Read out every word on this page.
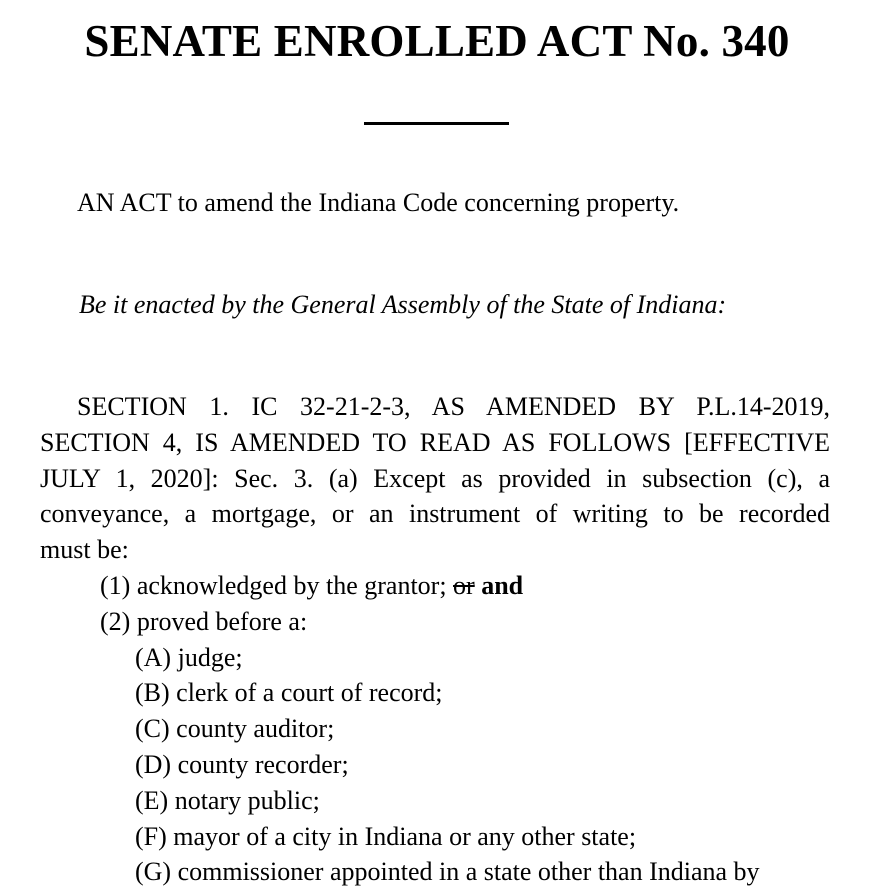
SENATE ENROLLED ACT No. 340
AN ACT to amend the Indiana Code concerning property.
Be it enacted by the General Assembly of the State of Indiana:
SECTION 1. IC 32-21-2-3, AS AMENDED BY P.L.14-2019,
SECTION 4, IS AMENDED TO READ AS FOLLOWS [EFFECTIVE
JULY 1, 2020]: Sec. 3. (a) Except as provided in subsection (c), a
conveyance, a mortgage, or an instrument of writing to be recorded
must be:
(1) acknowledged by the grantor; or and
(2) proved before a:
(A) judge;
(B) clerk of a court of record;
(C) county auditor;
(D) county recorder;
(E) notary public;
(F) mayor of a city in Indiana or any other state;
(G) commissioner appointed in a state other than Indiana by
